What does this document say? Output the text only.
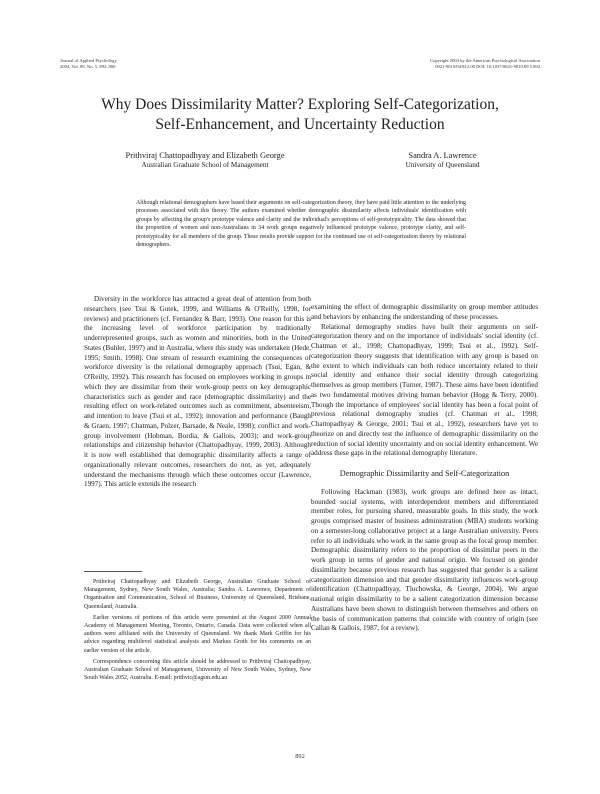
Journal of Applied Psychology
2004, Vol. 89, No. 5, 892–900
Copyright 2004 by the American Psychological Association
0021-9010/04/$12.00 DOI: 10.1037/0021-9010.89.5.892
Why Does Dissimilarity Matter? Exploring Self-Categorization,
Self-Enhancement, and Uncertainty Reduction
Prithviraj Chattopadhyay and Elizabeth George
Australian Graduate School of Management
Sandra A. Lawrence
University of Queensland
Although relational demographers have based their arguments on self-categorization theory, they have paid little attention to the underlying processes associated with this theory. The authors examined whether demographic dissimilarity affects individuals' identification with groups by affecting the group's prototype valence and clarity and the individual's perceptions of self-prototypicality. The data showed that the proportion of women and non-Australians in 34 work groups negatively influenced prototype valence, prototype clarity, and self-prototypicality for all members of the group. These results provide support for the continued use of self-categorization theory by relational demographers.

Diversity in the workforce has attracted a great deal of attention from both researchers (see Tsui & Gutek, 1999, and Williams & O'Reilly, 1998, for reviews) and practitioners (cf. Fernandez & Barr, 1993). One reason for this is the increasing level of workforce participation by traditionally underrepresented groups, such as women and minorities, both in the United States (Buhler, 1997) and in Australia, where this study was undertaken (Hede, 1995; Smith, 1998). One stream of research examining the consequences of workforce diversity is the relational demography approach (Tsui, Egan, & O'Reilly, 1992). This research has focused on employees working in groups in which they are dissimilar from their work-group peers on key demographic characteristics such as gender and race (demographic dissimilarity) and the resulting effect on work-related outcomes such as commitment, absenteeism, and intention to leave (Tsui et al., 1992); innovation and performance (Baugh & Graen, 1997; Chatman, Polzer, Barsade, & Neale, 1998); conflict and work-group involvement (Hobman, Bordia, & Gallois, 2003); and work-group relationships and citizenship behavior (Chattopadhyay, 1999, 2003). Although it is now well established that demographic dissimilarity affects a range of organizationally relevant outcomes, researchers do not, as yet, adequately understand the mechanisms through which these outcomes occur (Lawrence, 1997). This article extends the research

Prithviraj Chattopadhyay and Elizabeth George, Australian Graduate School of Management, Sydney, New South Wales, Australia; Sandra A. Lawrence, Department of Organisation and Communication, School of Business, University of Queensland, Brisbane, Queensland, Australia.

Earlier versions of portions of this article were presented at the August 2000 Annual Academy of Management Meeting, Toronto, Ontario, Canada. Data were collected when all authors were affiliated with the University of Queensland. We thank Mark Griffin for his advice regarding multilevel statistical analysis and Markus Groth for his comments on an earlier version of the article.

Correspondence concerning this article should be addressed to Prithviraj Chattopadhyay, Australian Graduate School of Management, University of New South Wales, Sydney, New South Wales 2052, Australia. E-mail: prithvic@agsm.edu.au

examining the effect of demographic dissimilarity on group member attitudes and behaviors by enhancing the understanding of these processes.

Relational demography studies have built their arguments on self-categorization theory and on the importance of individuals' social identity (cf. Chatman et al., 1998; Chattopadhyay, 1999; Tsui et al., 1992). Self-categorization theory suggests that identification with any group is based on the extent to which individuals can both reduce uncertainty related to their social identity and enhance their social identity through categorizing themselves as group members (Turner, 1987). These aims have been identified as two fundamental motives driving human behavior (Hogg & Terry, 2000). Though the importance of employees' social identity has been a focal point of previous relational demography studies (cf. Chatman et al., 1998; Chattopadhyay & George, 2001; Tsui et al., 1992), researchers have yet to theorize on and directly test the influence of demographic dissimilarity on the reduction of social identity uncertainty and on social identity enhancement. We address these gaps in the relational demography literature.

Demographic Dissimilarity and Self-Categorization

Following Hackman (1983), work groups are defined here as intact, bounded social systems, with interdependent members and differentiated member roles, for pursuing shared, measurable goals. In this study, the work groups comprised master of business administration (MBA) students working on a semester-long collaborative project at a large Australian university. Peers refer to all individuals who work in the same group as the focal group member. Demographic dissimilarity refers to the proportion of dissimilar peers in the work group in terms of gender and national origin. We focused on gender dissimilarity because previous research has suggested that gender is a salient categorization dimension and that gender dissimilarity influences work-group identification (Chattopadhyay, Tluchowska, & George, 2004). We argue national origin dissimilarity to be a salient categorization dimension because Australians have been shown to distinguish between themselves and others on the basis of communication patterns that coincide with country of origin (see Callan & Gallois, 1987, for a review).

892
